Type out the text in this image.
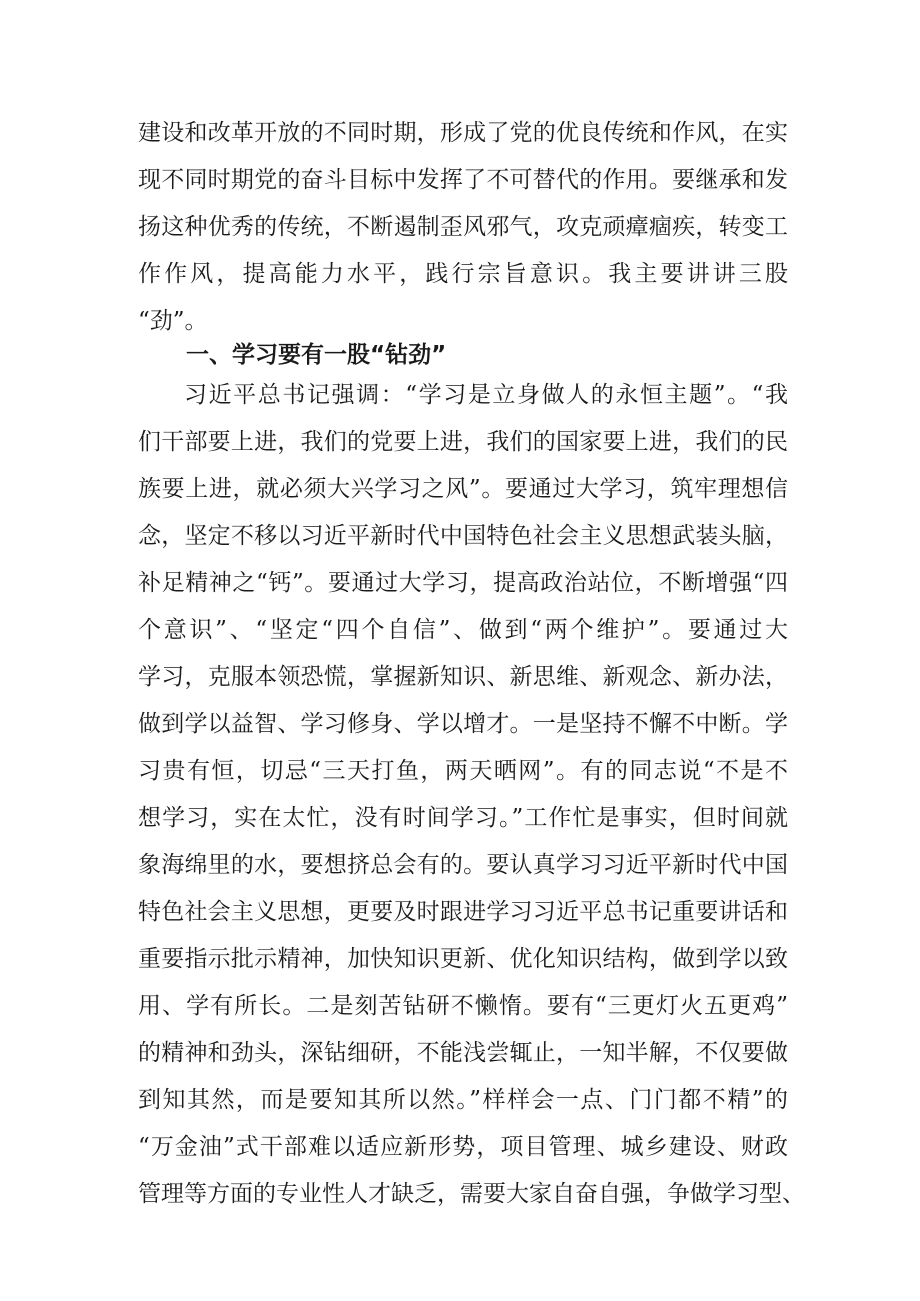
建设和改革开放的不同时期，形成了党的优良传统和作风，在实
现不同时期党的奋斗目标中发挥了不可替代的作用。要继承和发
扬这种优秀的传统，不断遏制歪风邪气，攻克顽瘴痼疾，转变工
作作风，提高能力水平，践行宗旨意识。我主要讲讲三股
“劲”。
一、学习要有一股“钻劲”
习近平总书记强调：“学习是立身做人的永恒主题”。“我
们干部要上进，我们的党要上进，我们的国家要上进，我们的民
族要上进，就必须大兴学习之风”。要通过大学习，筑牢理想信
念，坚定不移以习近平新时代中国特色社会主义思想武装头脑，
补足精神之“钙”。要通过大学习，提高政治站位，不断增强“四
个意识”、“坚定“四个自信”、做到“两个维护”。要通过大
学习，克服本领恐慌，掌握新知识、新思维、新观念、新办法，
做到学以益智、学习修身、学以增才。一是坚持不懈不中断。学
习贵有恒，切忌“三天打鱼，两天晒网”。有的同志说“不是不
想学习，实在太忙，没有时间学习。”工作忙是事实，但时间就
象海绵里的水，要想挤总会有的。要认真学习习近平新时代中国
特色社会主义思想，更要及时跟进学习习近平总书记重要讲话和
重要指示批示精神，加快知识更新、优化知识结构，做到学以致
用、学有所长。二是刻苦钻研不懒惰。要有“三更灯火五更鸡”
的精神和劲头，深钻细研，不能浅尝辄止，一知半解，不仅要做
到知其然，而是要知其所以然。”样样会一点、门门都不精”的
“万金油”式干部难以适应新形势，项目管理、城乡建设、财政
管理等方面的专业性人才缺乏，需要大家自奋自强，争做学习型、
